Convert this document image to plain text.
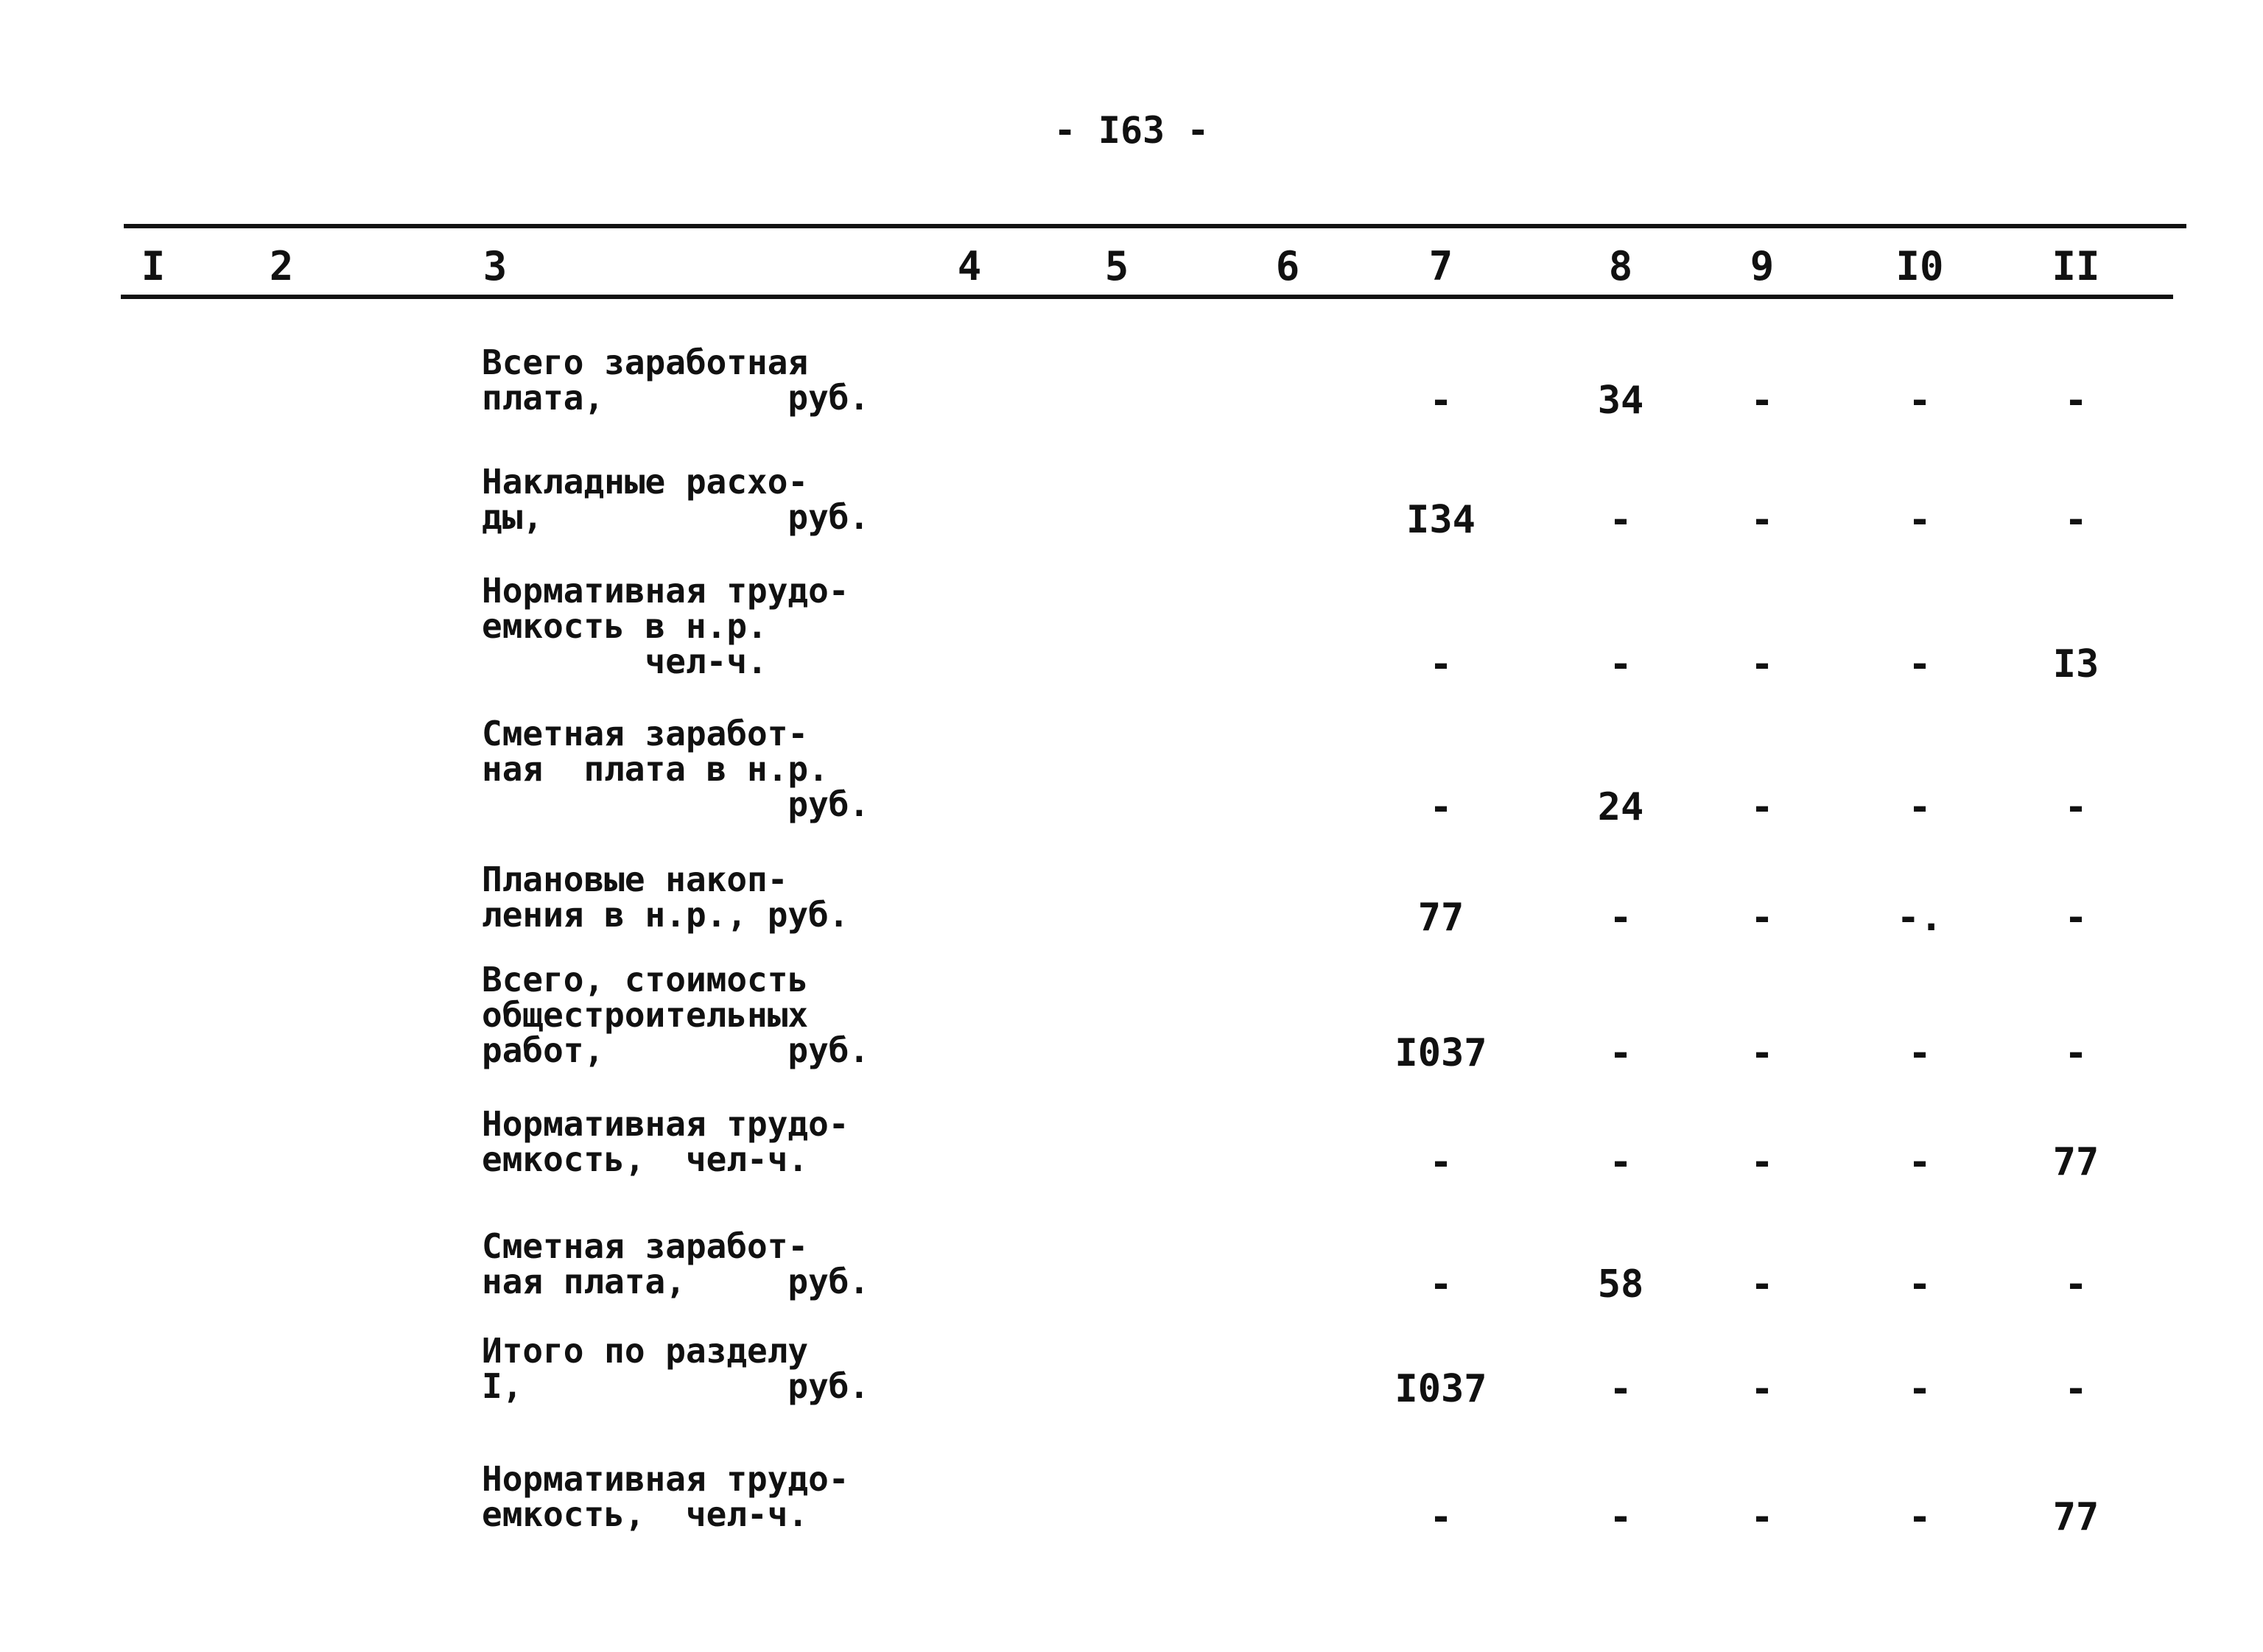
- I63 -
I	2	3	4	5	6	7	8	9	I0	II
Всего заработная
плата,         руб.	-	34	-	-	-
Накладные расхо-
ды,            руб.	I34	-	-	-	-
Нормативная трудо-
емкость в н.р.
чел-ч.	-	-	-	-	I3
Сметная заработ-
ная  плата в н.р.
руб.	-	24	-	-	-
Плановые накоп-
ления в н.р., руб.	77	-	-	-.	-
Всего, стоимость
общестроительных
работ,         руб.	I037	-	-	-	-
Нормативная трудо-
емкость,  чел-ч.	-	-	-	-	77
Сметная заработ-
ная плата,     руб.	-	58	-	-	-
Итого по разделу
I,             руб.	I037	-	-	-	-
Нормативная трудо-
емкость,  чел-ч.	-	-	-	-	77
